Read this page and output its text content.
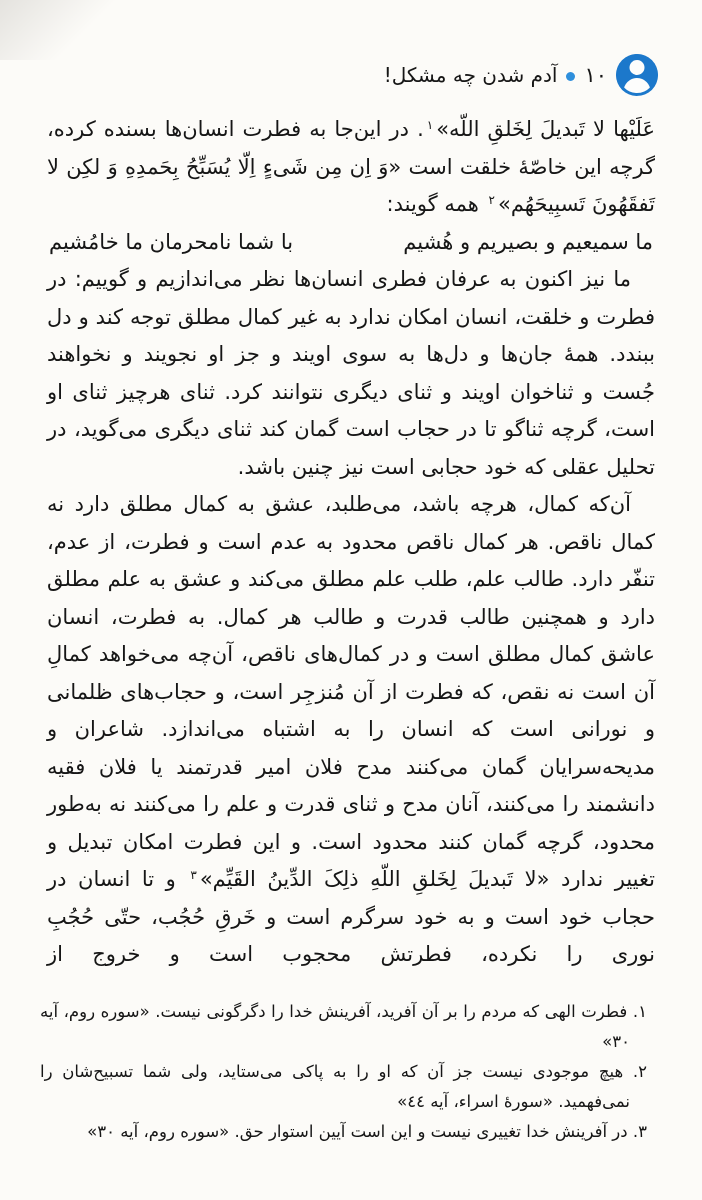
۱۰
آدم شدن چه مشکل!

عَلَیْها لا تَبدیلَ لِخَلقِ اللّه»$^۱$. در این‌جا به فطرت انسان‌ها بسنده کرده، گرچه این خاصّهٔ خلقت است «وَ اِن مِن شَیءٍ اِلّا یُسَبِّحُ بِحَمدِهِ وَ لکِن لا تَفقَهُونَ تَسبِیحَهُم»$^۲$ همه گویند:

ما سمیعیم و بصیریم و هُشیم
با شما نامحرمان ما خامُشیم

ما نیز اکنون به عرفان فطری انسان‌ها نظر می‌اندازیم و گوییم: در فطرت و خلقت، انسان امکان ندارد به غیر کمال مطلق توجه کند و دل ببندد. همهٔ جان‌ها و دل‌ها به سوی اویند و جز او نجویند و نخواهند جُست و ثناخوان اویند و ثنای دیگری نتوانند کرد. ثنای هرچیز ثنای او است، گرچه ثناگو تا در حجاب است گمان کند ثنای دیگری می‌گوید، در تحلیل عقلی که خود حجابی است نیز چنین باشد.

آن‌که کمال، هرچه باشد، می‌طلبد، عشق به کمال مطلق دارد نه کمال ناقص. هر کمال ناقص محدود به عدم است و فطرت، از عدم، تنفّر دارد. طالب علم، طلب علم مطلق می‌کند و عشق به علم مطلق دارد و همچنین طالب قدرت و طالب هر کمال. به فطرت، انسان عاشق کمال مطلق است و در کمال‌های ناقص، آن‌چه می‌خواهد کمالِ آن است نه نقص، که فطرت از آن مُنزجِر است، و حجاب‌های ظلمانی و نورانی است که انسان را به اشتباه می‌اندازد. شاعران و مدیحه‌سرایان گمان می‌کنند مدح فلان امیر قدرتمند یا فلان فقیه دانشمند را می‌کنند، آنان مدح و ثنای قدرت و علم را می‌کنند نه به‌طور محدود، گرچه گمان کنند محدود است. و این فطرت امکان تبدیل و تغییر ندارد «لا تَبدیلَ لِخَلقِ اللّهِ ذلِکَ الدِّینُ القَیِّم»$^۳$ و تا انسان در حجاب خود است و به خود سرگرم است و خَرقِ حُجُب، حتّی حُجُبِ نوری را نکرده، فطرتش محجوب است و خروج از

۱. فطرت الهی که مردم را بر آن آفرید، آفرینش خدا را دگرگونی نیست. «سوره روم، آیه ۳۰»

۲. هیچ موجودی نیست جز آن که او را به پاکی می‌ستاید، ولی شما تسبیح‌شان را نمی‌فهمید. «سورهٔ اسراء، آیه ٤٤»

۳. در آفرینش خدا تغییری نیست و این است آیین استوار حق. «سوره روم، آیه ۳۰»
